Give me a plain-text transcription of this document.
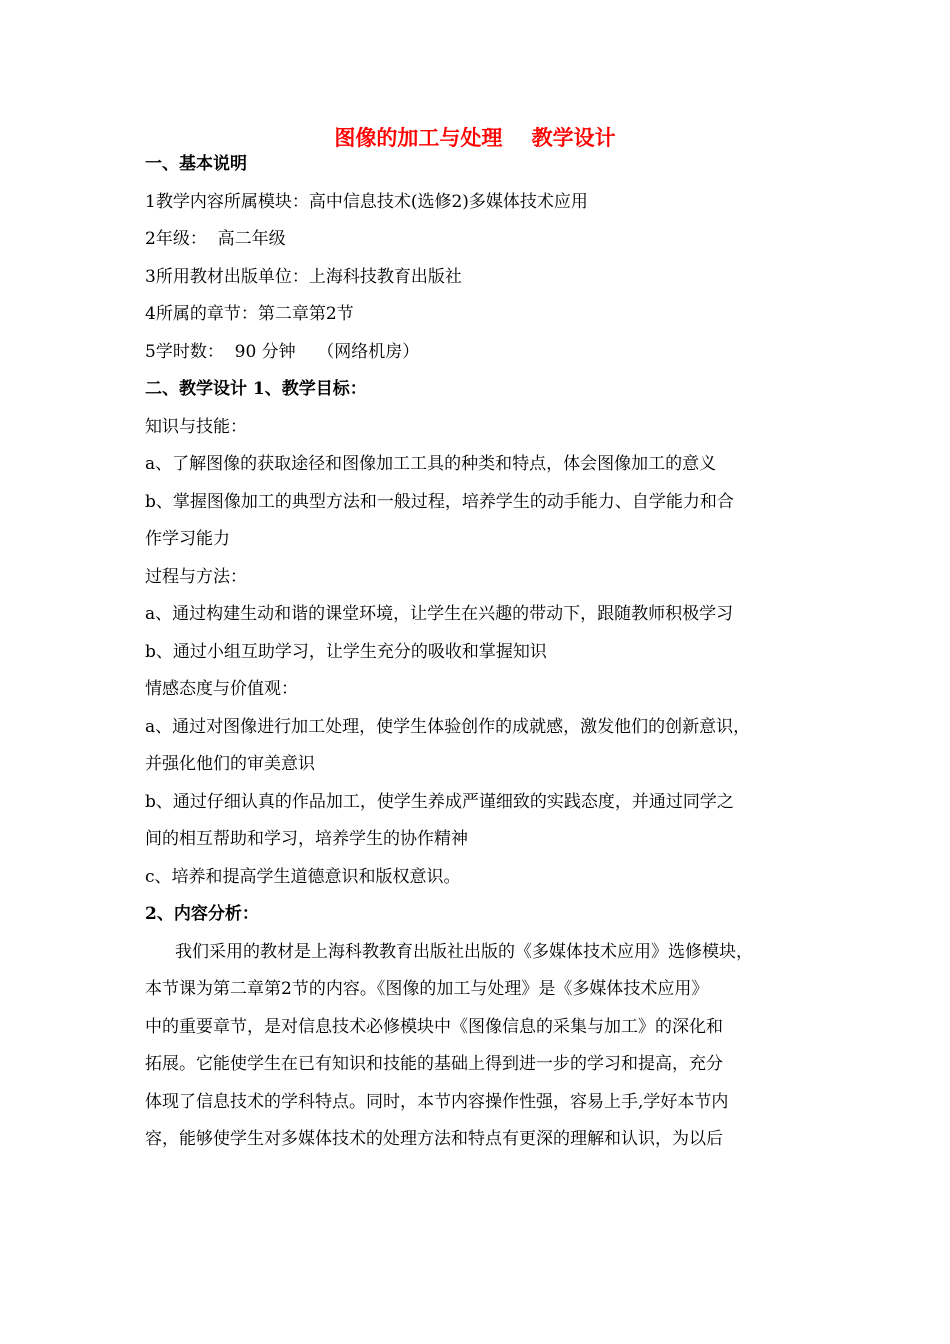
图像的加工与处理    教学设计
一、基本说明
1教学内容所属模块：高中信息技术(选修2)多媒体技术应用
2年级：  高二年级
3所用教材出版单位：上海科技教育出版社
4所属的章节：第二章第2节
5学时数：  90 分钟    （网络机房）
二、教学设计 1、教学目标：
知识与技能：
a、了解图像的获取途径和图像加工工具的种类和特点，体会图像加工的意义
b、掌握图像加工的典型方法和一般过程，培养学生的动手能力、自学能力和合
作学习能力
过程与方法：
a、通过构建生动和谐的课堂环境，让学生在兴趣的带动下，跟随教师积极学习
b、通过小组互助学习，让学生充分的吸收和掌握知识
情感态度与价值观：
a、通过对图像进行加工处理，使学生体验创作的成就感，激发他们的创新意识，
并强化他们的审美意识
b、通过仔细认真的作品加工，使学生养成严谨细致的实践态度，并通过同学之
间的相互帮助和学习，培养学生的协作精神
c、培养和提高学生道德意识和版权意识。
2、内容分析：
我们采用的教材是上海科教教育出版社出版的《多媒体技术应用》选修模块，
本节课为第二章第2节的内容。《图像的加工与处理》是《多媒体技术应用》
中的重要章节，是对信息技术必修模块中《图像信息的采集与加工》的深化和
拓展。它能使学生在已有知识和技能的基础上得到进一步的学习和提高，充分
体现了信息技术的学科特点。同时，本节内容操作性强，容易上手,学好本节内
容，能够使学生对多媒体技术的处理方法和特点有更深的理解和认识，为以后
